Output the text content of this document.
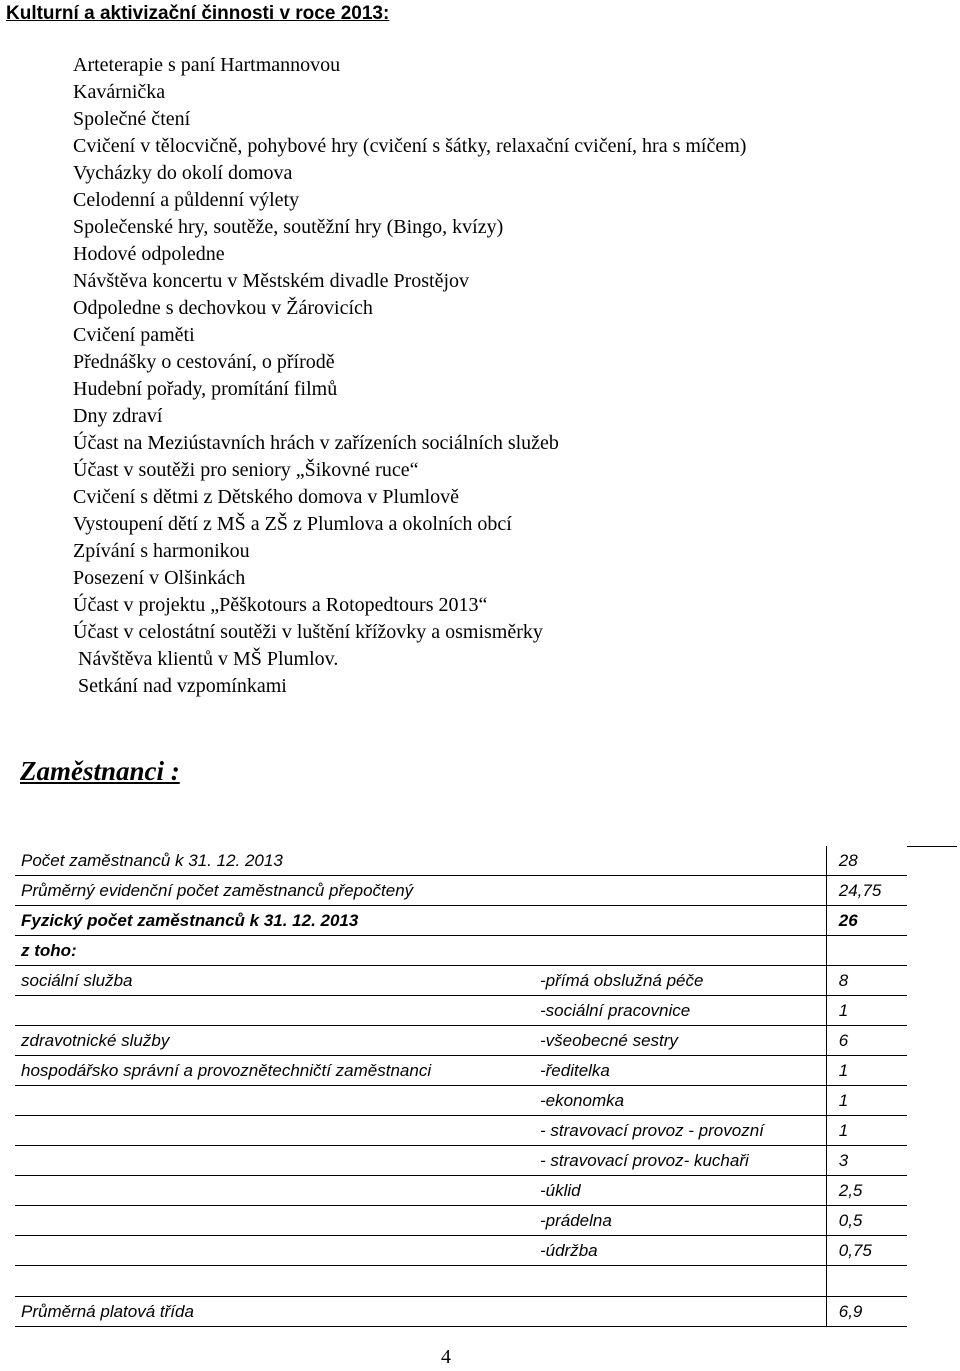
Kulturní a aktivizační činnosti v roce 2013:
Arteterapie s paní Hartmannovou
Kavárnička
Společné čtení
Cvičení v tělocvičně, pohybové hry (cvičení s šátky, relaxační cvičení, hra s míčem)
Vycházky do okolí domova
Celodenní a půldenní výlety
Společenské hry, soutěže, soutěžní hry (Bingo, kvízy)
Hodové odpoledne
Návštěva koncertu v Městském divadle Prostějov
Odpoledne s dechovkou v Žárovicích
Cvičení paměti
Přednášky o cestování, o přírodě
Hudební pořady, promítání filmů
Dny zdraví
Účast na Meziústavních hrách v zařízeních sociálních služeb
Účast v soutěži pro seniory „Šikovné ruce“
Cvičení s dětmi z Dětského domova v Plumlově
Vystoupení dětí z MŠ a ZŠ z Plumlova a okolních obcí
Zpívání s harmonikou
Posezení v Olšinkách
Účast v projektu „Pěškotours a Rotopedtours 2013“
Účast v celostátní soutěži v luštění křížovky a osmisměrky
Návštěva klientů v MŠ Plumlov.
Setkání nad vzpomínkami
Zaměstnanci :
Počet zaměstnanců k 31. 12. 2013		28
Průměrný evidenční počet zaměstnanců přepočtený		24,75
Fyzický počet zaměstnanců k 31. 12. 2013		26
z toho:		
sociální služba	-přímá obslužná péče	8
	-sociální pracovnice	1
zdravotnické služby	-všeobecné sestry	6
hospodářsko správní a provoznětechničtí zaměstnanci	-ředitelka	1
	-ekonomka	1
	- stravovací provoz - provozní	1
	- stravovací provoz- kuchaři	3
	-úklid	2,5
	-prádelna	0,5
	-údržba	0,75

Průměrná platová třída		6,9
4
